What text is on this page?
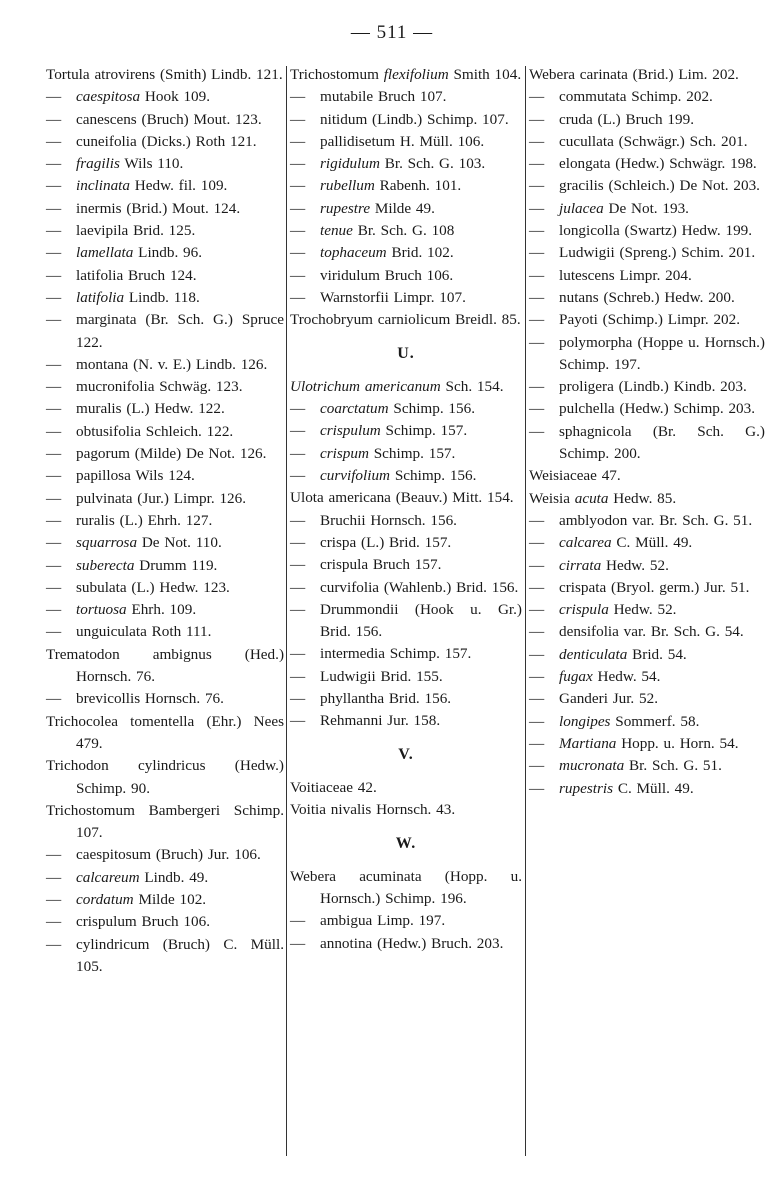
— 511 —

Tortula atrovirens (Smith) Lindb. 121.

— caespitosa Hook 109.

— canescens (Bruch) Mout. 123.

— cuneifolia (Dicks.) Roth 121.

— fragilis Wils 110.

— inclinata Hedw. fil. 109.

— inermis (Brid.) Mout. 124.

— laevipila Brid. 125.

— lamellata Lindb. 96.

— latifolia Bruch 124.

— latifolia Lindb. 118.

— marginata (Br. Sch. G.) Spruce 122.

— montana (N. v. E.) Lindb. 126.

— mucronifolia Schwäg. 123.

— muralis (L.) Hedw. 122.

— obtusifolia Schleich. 122.

— pagorum (Milde) De Not. 126.

— papillosa Wils 124.

— pulvinata (Jur.) Limpr. 126.

— ruralis (L.) Ehrh. 127.

— squarrosa De Not. 110.

— suberecta Drumm 119.

— subulata (L.) Hedw. 123.

— tortuosa Ehrh. 109.

— unguiculata Roth 111.

Trematodon ambignus (Hed.) Hornsch. 76.

— brevicollis Hornsch. 76.

Trichocolea tomentella (Ehr.) Nees 479.

Trichodon cylindricus (Hedw.) Schimp. 90.

Trichostomum Bambergeri Schimp. 107.

— caespitosum (Bruch) Jur. 106.

— calcareum Lindb. 49.

— cordatum Milde 102.

— crispulum Bruch 106.

— cylindricum (Bruch) C. Müll. 105.

Trichostomum flexifolium Smith 104.

— mutabile Bruch 107.

— nitidum (Lindb.) Schimp. 107.

— pallidisetum H. Müll. 106.

— rigidulum Br. Sch. G. 103.

— rubellum Rabenh. 101.

— rupestre Milde 49.

— tenue Br. Sch. G. 108

— tophaceum Brid. 102.

— viridulum Bruch 106.

— Warnstorfii Limpr. 107.

Trochobryum carniolicum Breidl. 85.

U.

Ulotrichum americanum Sch. 154.

— coarctatum Schimp. 156.

— crispulum Schimp. 157.

— crispum Schimp. 157.

— curvifolium Schimp. 156.

Ulota americana (Beauv.) Mitt. 154.

— Bruchii Hornsch. 156.

— crispa (L.) Brid. 157.

— crispula Bruch 157.

— curvifolia (Wahlenb.) Brid. 156.

— Drummondii (Hook u. Gr.) Brid. 156.

— intermedia Schimp. 157.

— Ludwigii Brid. 155.

— phyllantha Brid. 156.

— Rehmanni Jur. 158.

V.

Voitiaceae 42.

Voitia nivalis Hornsch. 43.

W.

Webera acuminata (Hopp. u. Hornsch.) Schimp. 196.

— ambigua Limp. 197.

— annotina (Hedw.) Bruch. 203.

Webera carinata (Brid.) Lim. 202.

— commutata Schimp. 202.

— cruda (L.) Bruch 199.

— cucullata (Schwägr.) Sch. 201.

— elongata (Hedw.) Schwägr. 198.

— gracilis (Schleich.) De Not. 203.

— julacea De Not. 193.

— longicolla (Swartz) Hedw. 199.

— Ludwigii (Spreng.) Schim. 201.

— lutescens Limpr. 204.

— nutans (Schreb.) Hedw. 200.

— Payoti (Schimp.) Limpr. 202.

— polymorpha (Hoppe u. Hornsch.) Schimp. 197.

— proligera (Lindb.) Kindb. 203.

— pulchella (Hedw.) Schimp. 203.

— sphagnicola (Br. Sch. G.) Schimp. 200.

Weisiaceae 47.

Weisia acuta Hedw. 85.

— amblyodon var. Br. Sch. G. 51.

— calcarea C. Müll. 49.

— cirrata Hedw. 52.

— crispata (Bryol. germ.) Jur. 51.

— crispula Hedw. 52.

— densifolia var. Br. Sch. G. 54.

— denticulata Brid. 54.

— fugax Hedw. 54.

— Ganderi Jur. 52.

— longipes Sommerf. 58.

— Martiana Hopp. u. Horn. 54.

— mucronata Br. Sch. G. 51.

— rupestris C. Müll. 49.
